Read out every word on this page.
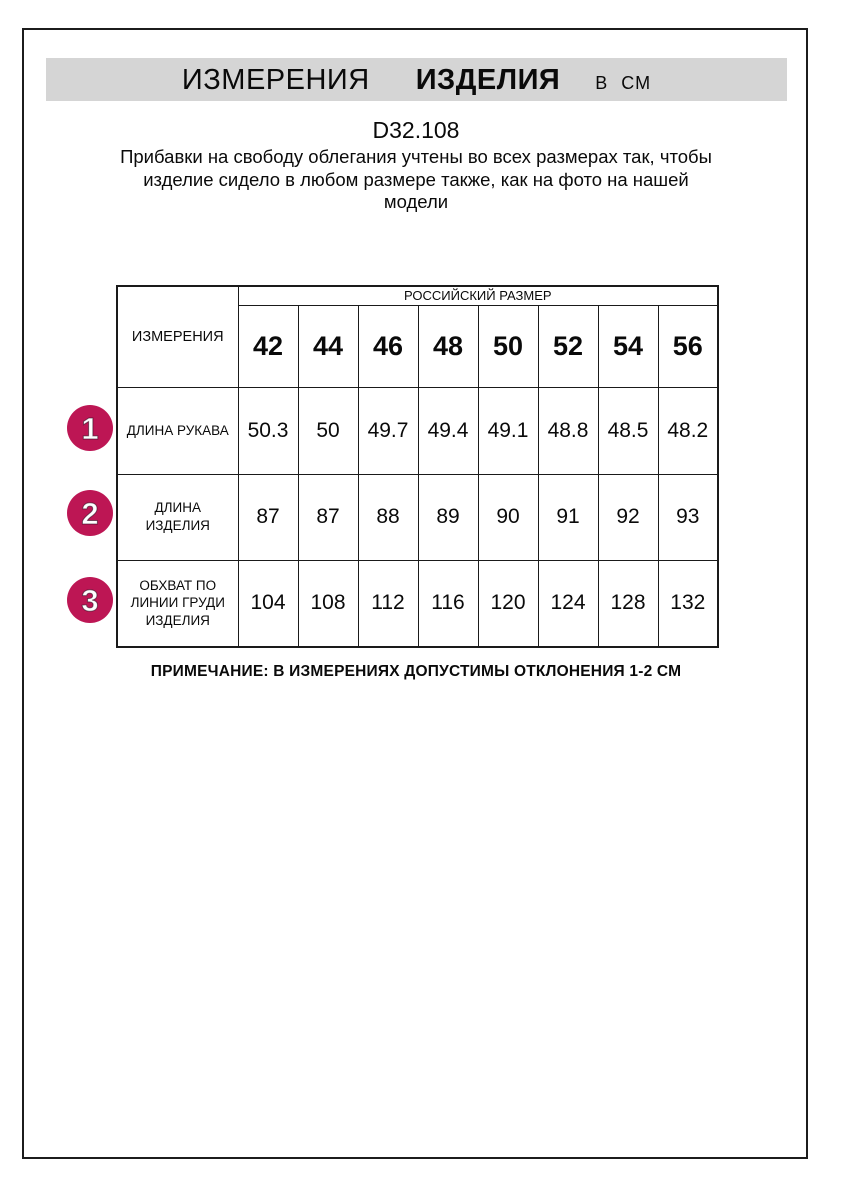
ИЗМЕРЕНИЯ ИЗДЕЛИЯ В СМ
D32.108
Прибавки на свободу облегания учтены во всех размерах так, чтобы
изделие сидело в любом размере также, как на фото на нашей
модели
ИЗМЕРЕНИЯ	РОССИЙСКИЙ РАЗМЕР							
	42	44	46	48	50	52	54	56
ДЛИНА РУКАВА	50.3	50	49.7	49.4	49.1	48.8	48.5	48.2
ДЛИНА ИЗДЕЛИЯ	87	87	88	89	90	91	92	93
ОБХВАТ ПО ЛИНИИ ГРУДИ ИЗДЕЛИЯ	104	108	112	116	120	124	128	132
1
2
3
ПРИМЕЧАНИЕ: В ИЗМЕРЕНИЯХ ДОПУСТИМЫ ОТКЛОНЕНИЯ 1-2 СМ
